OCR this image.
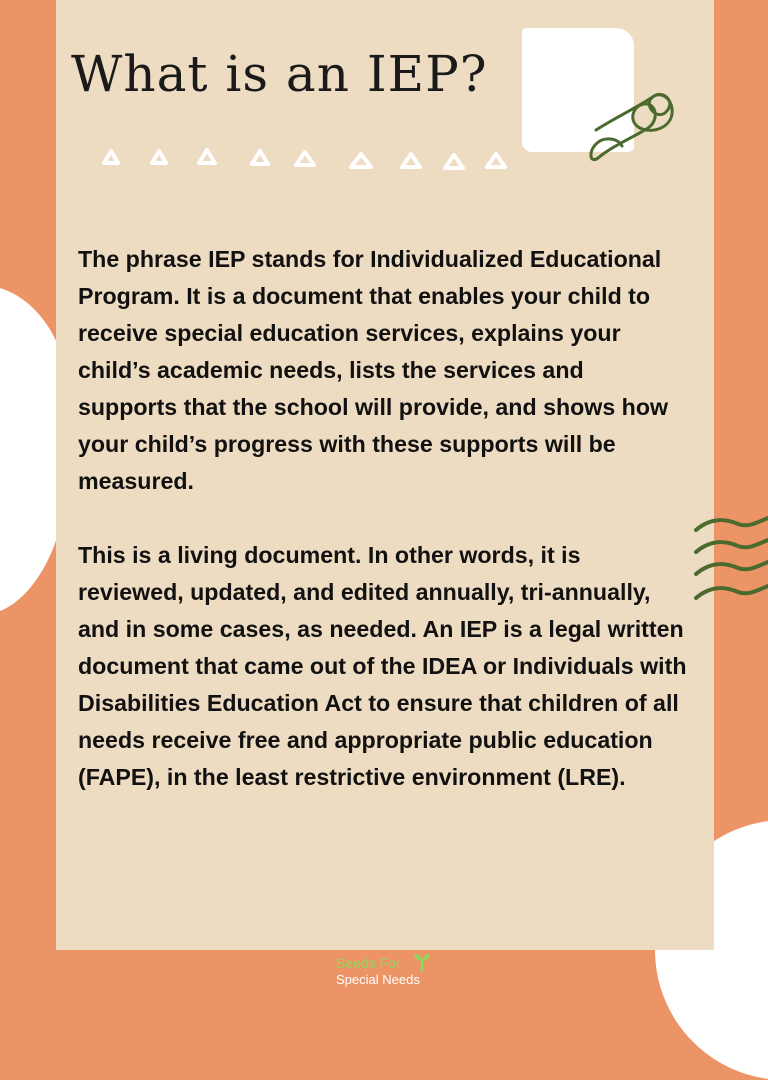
What is an IEP?

The phrase IEP stands for Individualized Educational Program. It is a document that enables your child to receive special education services, explains your child’s academic needs, lists the services and supports that the school will provide, and shows how your child’s progress with these supports will be measured.

This is a living document. In other words, it is reviewed, updated, and edited annually, tri-annually, and in some cases, as needed. An IEP is a legal written document that came out of the IDEA or Individuals with Disabilities Education Act to ensure that children of all needs receive free and appropriate public education (FAPE), in the least restrictive environment (LRE).

Seeds For
Special Needs
